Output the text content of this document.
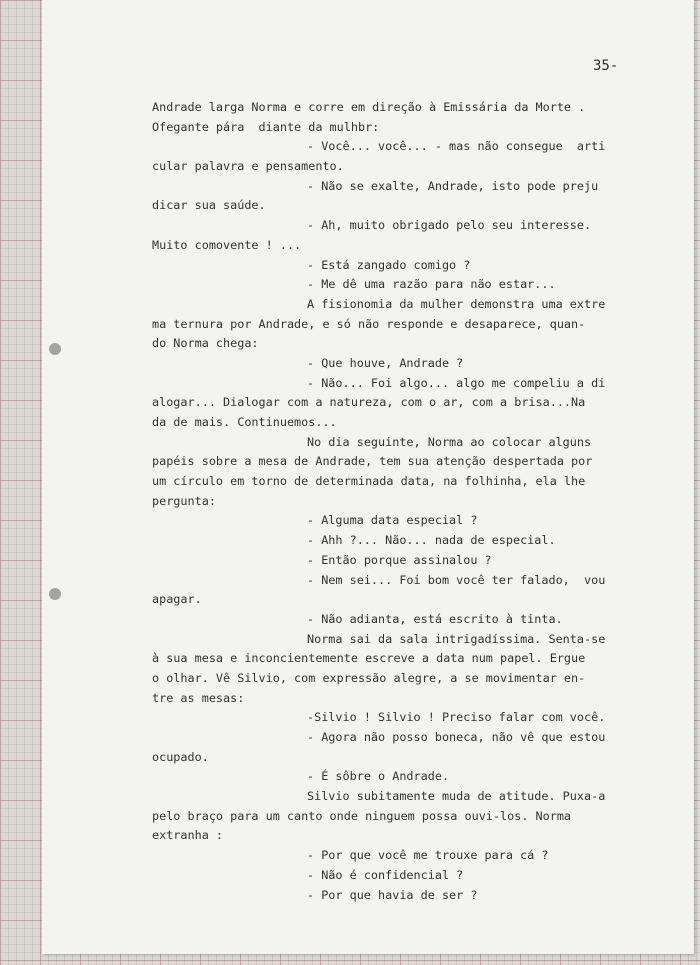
35-
Andrade larga Norma e corre em direção à Emissária da Morte .
Ofegante pára  diante da mulhbr:
- Você... você... - mas não consegue  arti
cular palavra e pensamento.
- Não se exalte, Andrade, isto pode preju
dicar sua saúde.
- Ah, muito obrigado pelo seu interesse.
Muito comovente ! ...
- Está zangado comigo ?
- Me dê uma razão para não estar...
A fisionomia da mulher demonstra uma extre
ma ternura por Andrade, e só não responde e desaparece, quan-
do Norma chega:
- Que houve, Andrade ?
- Não... Foi algo... algo me compeliu a di
alogar... Dialogar com a natureza, com o ar, com a brisa...Na
da de mais. Continuemos...
No dia seguinte, Norma ao colocar alguns
papéis sobre a mesa de Andrade, tem sua atenção despertada por
um círculo em torno de determinada data, na folhinha, ela lhe
pergunta:
- Alguma data especial ?
- Ahh ?... Não... nada de especial.
- Então porque assinalou ?
- Nem sei... Foi bom você ter falado,  vou
apagar.
- Não adianta, está escrito à tinta.
Norma sai da sala intrigadíssima. Senta-se
à sua mesa e inconcientemente escreve a data num papel. Ergue
o olhar. Vê Silvio, com expressão alegre, a se movimentar en-
tre as mesas:
-Silvio ! Silvio ! Preciso falar com você.
- Agora não posso boneca, não vê que estou
ocupado.
- É sôbre o Andrade.
Silvio subitamente muda de atitude. Puxa-a
pelo braço para um canto onde ninguem possa ouvi-los. Norma
extranha :
- Por que você me trouxe para cá ?
- Não é confidencial ?
- Por que havia de ser ?
